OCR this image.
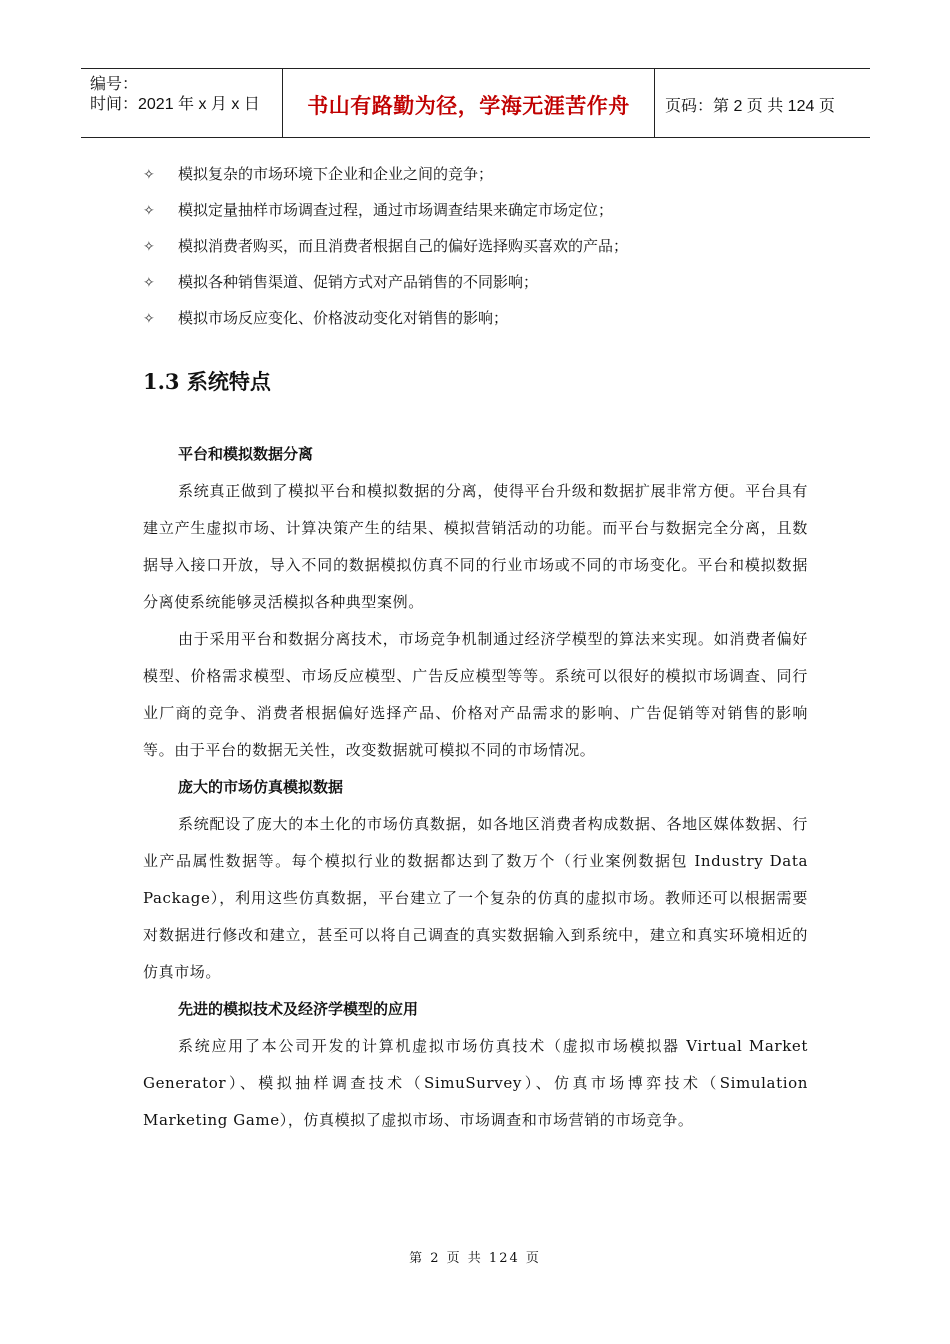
编号：
时间：2021 年 x 月 x 日	书山有路勤为径，学海无涯苦作舟	页码：第 2 页 共 124 页
✧ 模拟复杂的市场环境下企业和企业之间的竞争；
✧ 模拟定量抽样市场调查过程，通过市场调查结果来确定市场定位；
✧ 模拟消费者购买，而且消费者根据自己的偏好选择购买喜欢的产品；
✧ 模拟各种销售渠道、促销方式对产品销售的不同影响；
✧ 模拟市场反应变化、价格波动变化对销售的影响；
1.3 系统特点

平台和模拟数据分离

系统真正做到了模拟平台和模拟数据的分离，使得平台升级和数据扩展非常方便。平台具有建立产生虚拟市场、计算决策产生的结果、模拟营销活动的功能。而平台与数据完全分离，且数据导入接口开放，导入不同的数据模拟仿真不同的行业市场或不同的市场变化。平台和模拟数据分离使系统能够灵活模拟各种典型案例。

由于采用平台和数据分离技术，市场竞争机制通过经济学模型的算法来实现。如消费者偏好模型、价格需求模型、市场反应模型、广告反应模型等等。系统可以很好的模拟市场调查、同行业厂商的竞争、消费者根据偏好选择产品、价格对产品需求的影响、广告促销等对销售的影响等。由于平台的数据无关性，改变数据就可模拟不同的市场情况。

庞大的市场仿真模拟数据

系统配设了庞大的本土化的市场仿真数据，如各地区消费者构成数据、各地区媒体数据、行业产品属性数据等。每个模拟行业的数据都达到了数万个（行业案例数据包 Industry Data Package），利用这些仿真数据，平台建立了一个复杂的仿真的虚拟市场。教师还可以根据需要对数据进行修改和建立，甚至可以将自己调查的真实数据输入到系统中，建立和真实环境相近的仿真市场。

先进的模拟技术及经济学模型的应用

系统应用了本公司开发的计算机虚拟市场仿真技术（虚拟市场模拟器 Virtual Market Generator）、模拟抽样调查技术（SimuSurvey）、仿真市场博弈技术（Simulation Marketing Game），仿真模拟了虚拟市场、市场调查和市场营销的市场竞争。

第 2 页 共 124 页
